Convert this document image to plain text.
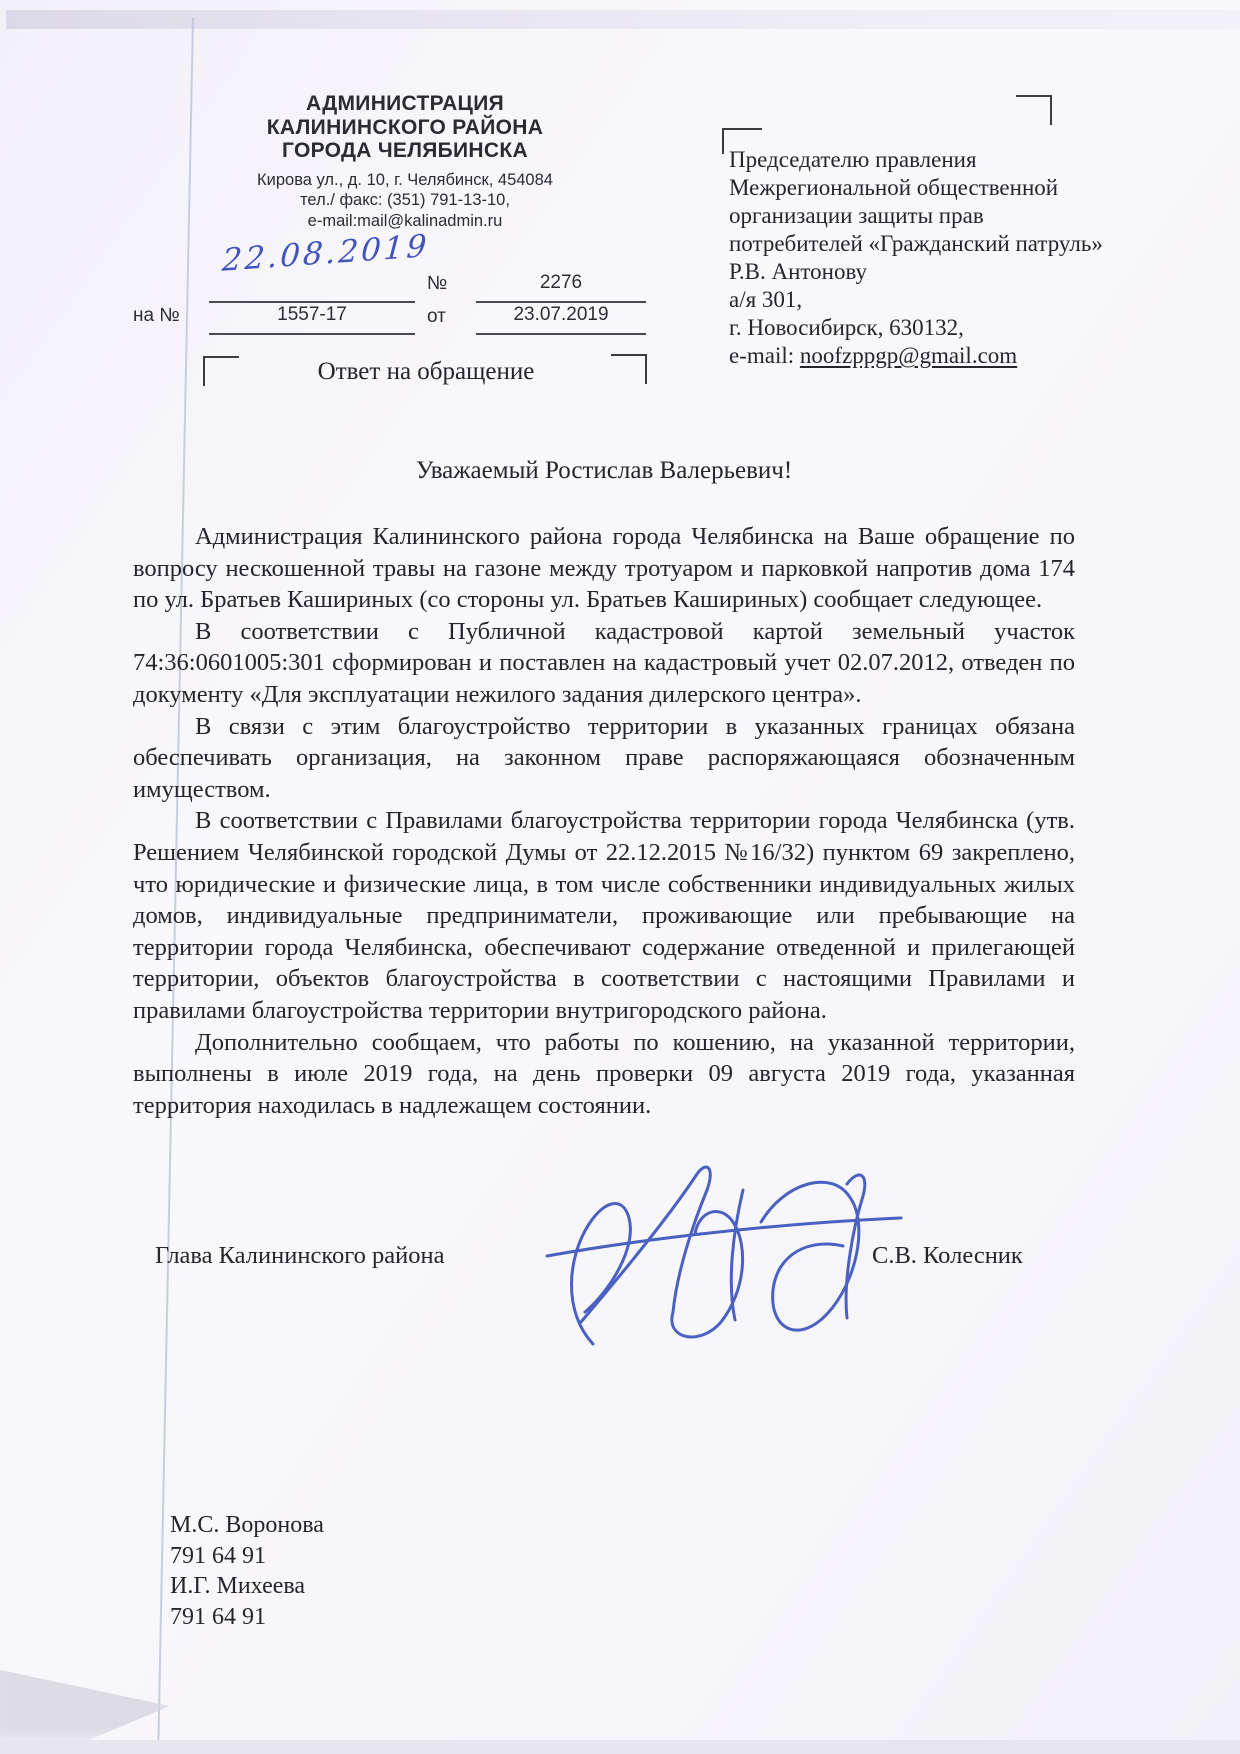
АДМИНИСТРАЦИЯ
КАЛИНИНСКОГО РАЙОНА
ГОРОДА ЧЕЛЯБИНСКА
Кирова ул., д. 10, г. Челябинск, 454084
тел./ факс: (351) 791-13-10,
e-mail:mail@kalinadmin.ru
22.08.2019
№	2276
на №	1557-17	от	23.07.2019
Ответ на обращение
Председателю правления
Межрегиональной общественной
организации защиты прав
потребителей «Гражданский патруль»
Р.В. Антонову
а/я 301,
г. Новосибирск, 630132,
e-mail: noofzppgp@gmail.com
Уважаемый Ростислав Валерьевич!

Администрация Калининского района города Челябинска на Ваше обращение по вопросу нескошенной травы на газоне между тротуаром и парковкой напротив дома 174 по ул. Братьев Кашириных (со стороны ул. Братьев Кашириных) сообщает следующее.

В соответствии с Публичной кадастровой картой земельный участок 74:36:0601005:301 сформирован и поставлен на кадастровый учет 02.07.2012, отведен по документу «Для эксплуатации нежилого задания дилерского центра».

В связи с этим благоустройство территории в указанных границах обязана обеспечивать организация, на законном праве распоряжающаяся обозначенным имуществом.

В соответствии с Правилами благоустройства территории города Челябинска (утв. Решением Челябинской городской Думы от 22.12.2015 №16/32) пунктом 69 закреплено, что юридические и физические лица, в том числе собственники индивидуальных жилых домов, индивидуальные предприниматели, проживающие или пребывающие на территории города Челябинска, обеспечивают содержание отведенной и прилегающей территории, объектов благоустройства в соответствии с настоящими Правилами и правилами благоустройства территории внутригородского района.

Дополнительно сообщаем, что работы по кошению, на указанной территории, выполнены в июле 2019 года, на день проверки 09 августа 2019 года, указанная территория находилась в надлежащем состоянии.

Глава Калининского района	С.В. Колесник
М.С. Воронова
791 64 91
И.Г. Михеева
791 64 91
